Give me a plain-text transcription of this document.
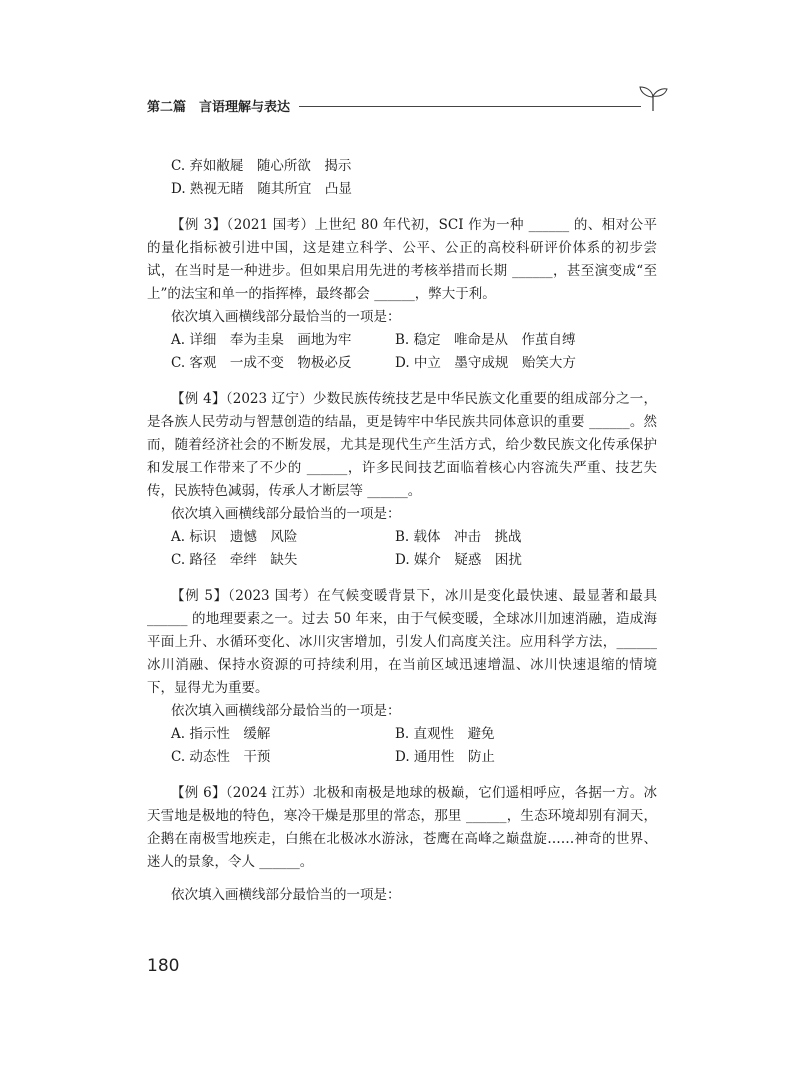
第二篇　言语理解与表达
C. 弃如敝屣　随心所欲　揭示
D. 熟视无睹　随其所宜　凸显

【例 3】（2021 国考）上世纪 80 年代初，SCI 作为一种 ______ 的、相对公平的量化指标被引进中国，这是建立科学、公平、公正的高校科研评价体系的初步尝试，在当时是一种进步。但如果启用先进的考核举措而长期 ______，甚至演变成“至上”的法宝和单一的指挥棒，最终都会 ______，弊大于利。

依次填入画横线部分最恰当的一项是：

A. 详细　奉为圭臬　画地为牢	B. 稳定　唯命是从　作茧自缚
C. 客观　一成不变　物极必反	D. 中立　墨守成规　贻笑大方

【例 4】（2023 辽宁）少数民族传统技艺是中华民族文化重要的组成部分之一，是各族人民劳动与智慧创造的结晶，更是铸牢中华民族共同体意识的重要 ______。然而，随着经济社会的不断发展，尤其是现代生产生活方式，给少数民族文化传承保护和发展工作带来了不少的 ______，许多民间技艺面临着核心内容流失严重、技艺失传，民族特色减弱，传承人才断层等 ______。

依次填入画横线部分最恰当的一项是：

A. 标识　遗憾　风险	B. 载体　冲击　挑战
C. 路径　牵绊　缺失	D. 媒介　疑惑　困扰

【例 5】（2023 国考）在气候变暖背景下，冰川是变化最快速、最显著和最具 ______ 的地理要素之一。过去 50 年来，由于气候变暖，全球冰川加速消融，造成海平面上升、水循环变化、冰川灾害增加，引发人们高度关注。应用科学方法，______ 冰川消融、保持水资源的可持续利用，在当前区域迅速增温、冰川快速退缩的情境下，显得尤为重要。

依次填入画横线部分最恰当的一项是：

A. 指示性　缓解	B. 直观性　避免
C. 动态性　干预	D. 通用性　防止

【例 6】（2024 江苏）北极和南极是地球的极巅，它们遥相呼应，各据一方。冰天雪地是极地的特色，寒冷干燥是那里的常态，那里 ______，生态环境却别有洞天，企鹅在南极雪地疾走，白熊在北极冰水游泳，苍鹰在高峰之巅盘旋……神奇的世界、迷人的景象，令人 ______。

依次填入画横线部分最恰当的一项是：

180
